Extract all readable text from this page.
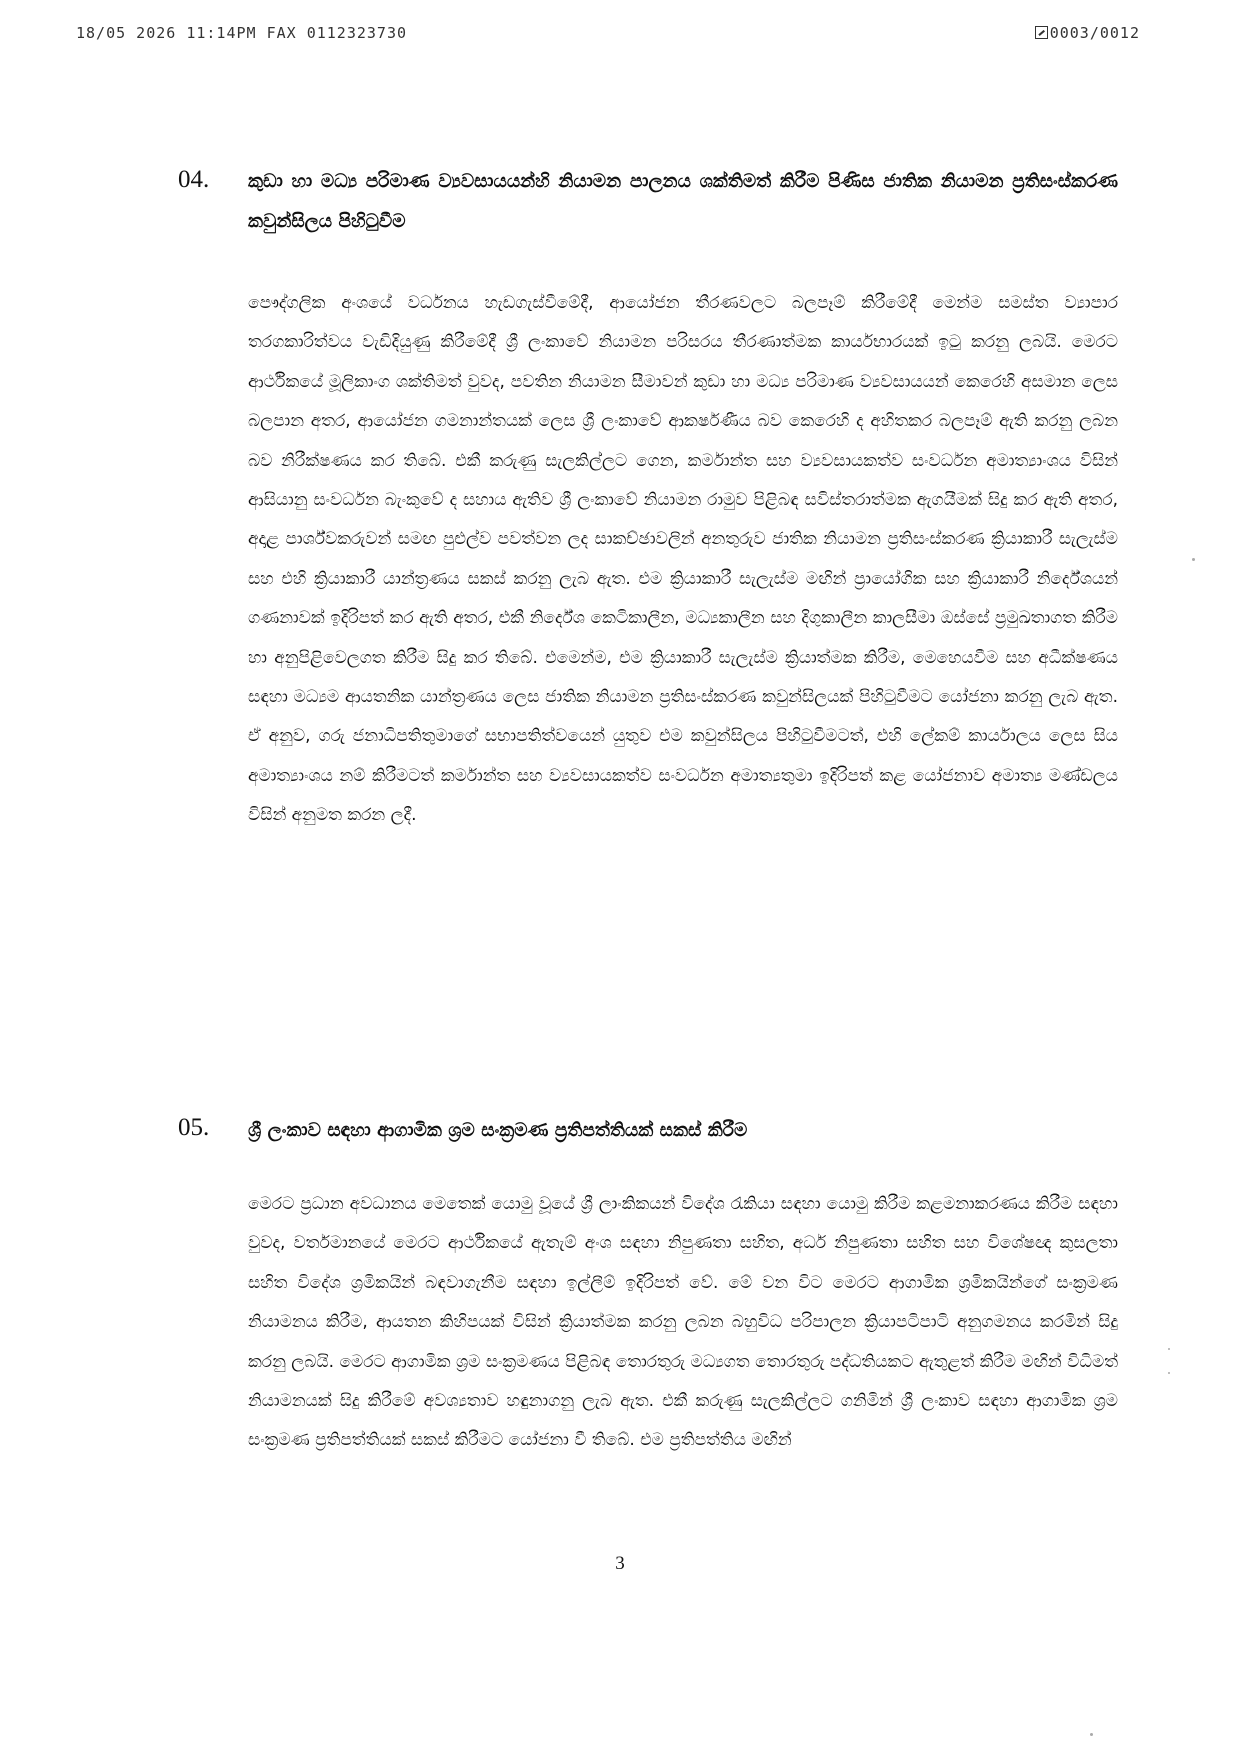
18/05 2026 11:14PM FAX 0112323730	0003/0012
04. කුඩා හා මධ්‍ය පරිමාණ ව්‍යවසායයන්හි නියාමන පාලනය ශක්තිමත් කිරීම පිණිස ජාතික නියාමන ප්‍රතිසංස්කරණ කවුන්සිලය පිහිටුවීම
පෞද්ගලික අංශයේ වර්ධනය හැඩගැස්වීමේදී, ආයෝජන තීරණවලට බලපෑම් කිරීමේදී මෙන්ම සමස්ත ව්‍යාපාර තරගකාරිත්වය වැඩිදියුණු කිරීමේදී ශ්‍රී ලංකාවේ නියාමන පරිසරය තීරණාත්මක කාර්යභාරයක් ඉටු කරනු ලබයි. මෙරට ආර්ථිකයේ මූලිකාංග ශක්තිමත් වුවද, පවතින නියාමන සීමාවන් කුඩා හා මධ්‍ය පරිමාණ ව්‍යවසායයන් කෙරෙහි අසමාන ලෙස බලපාන අතර, ආයෝජන ගමනාන්තයක් ලෙස ශ්‍රී ලංකාවේ ආකර්ෂණීය බව කෙරෙහි ද අහිතකර බලපෑම් ඇති කරනු ලබන බව නිරීක්ෂණය කර තිබේ. එකී කරුණු සැලකිල්ලට ගෙන, කර්මාන්ත සහ ව්‍යවසායකත්ව සංවර්ධන අමාත්‍යාංශය විසින් ආසියානු සංවර්ධන බැංකුවේ ද සහාය ඇතිව ශ්‍රී ලංකාවේ නියාමන රාමුව පිළිබඳ සවිස්තරාත්මක ඇගයීමක් සිදු කර ඇති අතර, අදාළ පාර්ශ්වකරුවන් සමඟ පුළුල්ව පවත්වන ලද සාකච්ඡාවලින් අනතුරුව ජාතික නියාමන ප්‍රතිසංස්කරණ ක්‍රියාකාරී සැලැස්ම සහ එහි ක්‍රියාකාරී යාන්ත්‍රණය සකස් කරනු ලැබ ඇත. එම ක්‍රියාකාරී සැලැස්ම මඟින් ප්‍රායෝගික සහ ක්‍රියාකාරී නිර්දේශයන් ගණනාවක් ඉදිරිපත් කර ඇති අතර, එකී නිර්දේශ කෙටිකාලීන, මධ්‍යකාලීන සහ දිගුකාලීන කාලසීමා ඔස්සේ ප්‍රමුඛතාගත කිරීම හා අනුපිළිවෙලගත කිරීම සිදු කර තිබේ. එමෙන්ම, එම ක්‍රියාකාරී සැලැස්ම ක්‍රියාත්මක කිරීම, මෙහෙයවීම සහ අධීක්ෂණය සඳහා මධ්‍යම ආයතනික යාන්ත්‍රණය ලෙස ජාතික නියාමන ප්‍රතිසංස්කරණ කවුන්සිලයක් පිහිටුවීමට යෝජනා කරනු ලැබ ඇත. ඒ අනුව, ගරු ජනාධිපතිතුමාගේ සභාපතිත්වයෙන් යුතුව එම කවුන්සිලය පිහිටුවීමටත්, එහි ලේකම් කාර්යාලය ලෙස සිය අමාත්‍යාංශය නම් කිරීමටත් කර්මාන්ත සහ ව්‍යවසායකත්ව සංවර්ධන අමාත්‍යතුමා ඉදිරිපත් කළ යෝජනාව අමාත්‍ය මණ්ඩලය විසින් අනුමත කරන ලදී.
05. ශ්‍රී ලංකාව සඳහා ආගාමික ශ්‍රම සංක්‍රමණ ප්‍රතිපත්තියක් සකස් කිරීම
මෙරට ප්‍රධාන අවධානය මෙතෙක් යොමු වූයේ ශ්‍රී ලාංකිකයන් විදේශ රැකියා සඳහා යොමු කිරීම කළමනාකරණය කිරීම සඳහා වුවද, වර්තමානයේ මෙරට ආර්ථිකයේ ඇතැම් අංශ සඳහා නිපුණතා සහිත, අර්ධ නිපුණතා සහිත සහ විශේෂඥ කුසලතා සහිත විදේශ ශ්‍රමිකයින් බඳවාගැනීම සඳහා ඉල්ලීම් ඉදිරිපත් වේ. මේ වන විට මෙරට ආගාමික ශ්‍රමිකයින්ගේ සංක්‍රමණ නියාමනය කිරීම, ආයතන කිහිපයක් විසින් ක්‍රියාත්මක කරනු ලබන බහුවිධ පරිපාලන ක්‍රියාපටිපාටි අනුගමනය කරමින් සිදු කරනු ලබයි. මෙරට ආගාමික ශ්‍රම සංක්‍රමණය පිළිබඳ තොරතුරු මධ්‍යගත තොරතුරු පද්ධතියකට ඇතුළත් කිරීම මඟින් විධිමත් නියාමනයක් සිදු කිරීමේ අවශ්‍යතාව හඳුනාගනු ලැබ ඇත. එකී කරුණු සැලකිල්ලට ගනිමින් ශ්‍රී ලංකාව සඳහා ආගාමික ශ්‍රම සංක්‍රමණ ප්‍රතිපත්තියක් සකස් කිරීමට යෝජනා වී තිබේ. එම ප්‍රතිපත්තිය මඟින්
3
